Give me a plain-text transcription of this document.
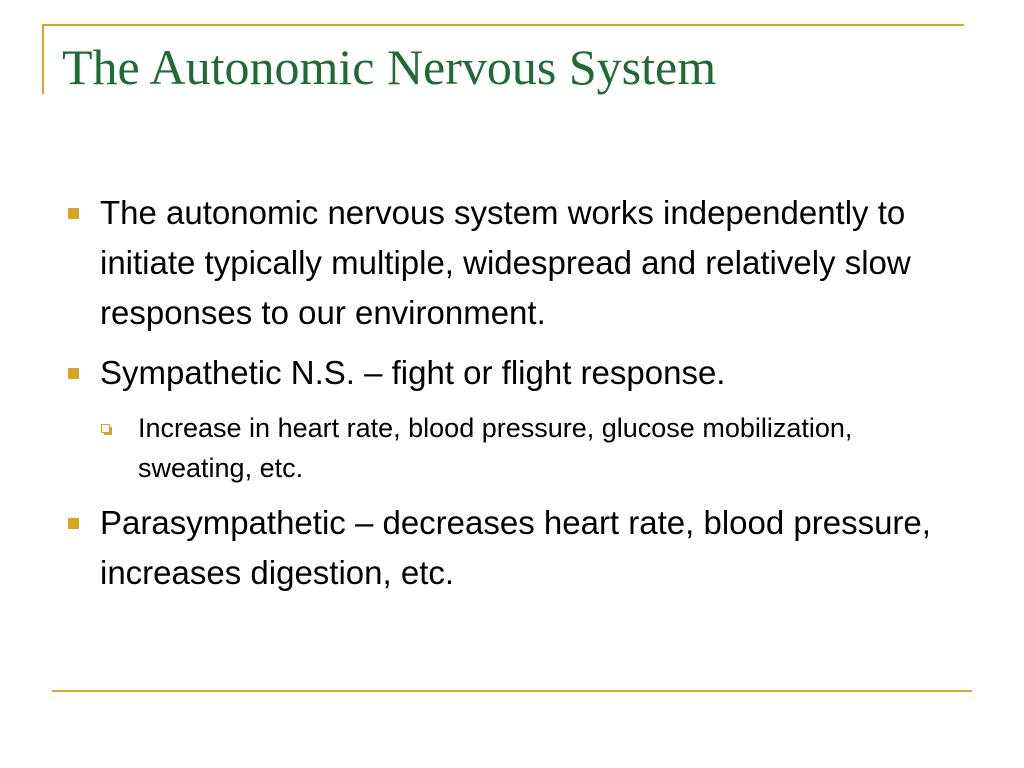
The Autonomic Nervous System
The autonomic nervous system works independently to initiate typically multiple, widespread and relatively slow responses to our environment.
Sympathetic N.S. – fight or flight response.
Increase in heart rate, blood pressure, glucose mobilization, sweating, etc.
Parasympathetic – decreases heart rate, blood pressure, increases digestion, etc.
